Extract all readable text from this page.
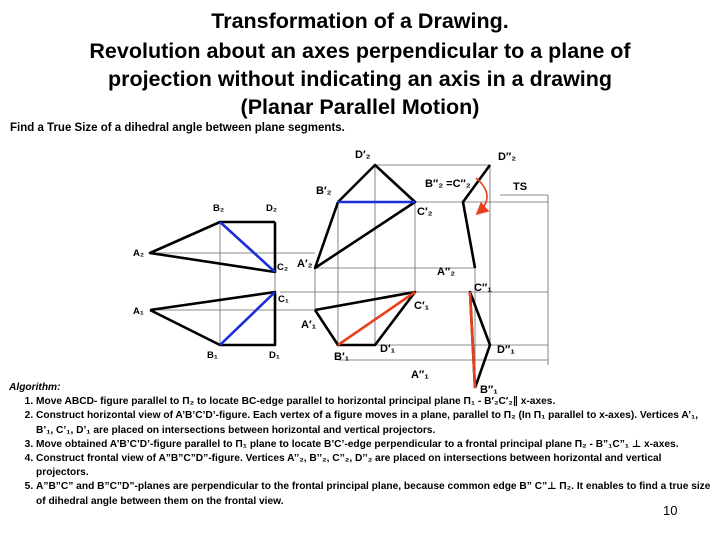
Transformation of a Drawing.
Revolution about an axes perpendicular to a plane of
projection without indicating an axis in a drawing
(Planar Parallel Motion)
Find a True Size of a dihedral angle between plane segments.
B₂	D₂
A₂
C₂
C₁
A₁
B₁	D₁
D′₂
B′₂
C′₂
A′₂
C′₁
A′₁
D′₁
B′₁
D″₂
B″₂ =C″₂	TS
A″₂
C″₁
D″₁
A″₁
B″₁
Algorithm:
1. Move ABCD- figure parallel to Π₂ to locate BC-edge parallel to horizontal principal plane Π₁ - B′₂C′₂∥ x-axes.
2. Construct horizontal view of A’B’C’D’-figure. Each vertex of a figure moves in a plane, parallel to Π₂ (In Π₁ parallel to x-axes). Vertices A’₁, B’₁, C’₁, D’₁ are placed on intersections between horizontal and vertical projectors.
3. Move obtained A’B’C’D’-figure parallel to Π₁ plane to locate B’C’-edge perpendicular to a frontal principal plane Π₂ - B”₁C”₁ ⊥ x-axes.
4. Construct frontal view of A”B”C”D”-figure. Vertices A’’₂, B’’₂, C’’₂, D’’₂ are placed on intersections between horizontal and vertical projectors.
5. A”B”C” and B”C”D”-planes are perpendicular to the frontal principal plane, because common edge B” C”⊥ Π₂. It enables to find a true size of dihedral angle between them on the frontal view.
10
